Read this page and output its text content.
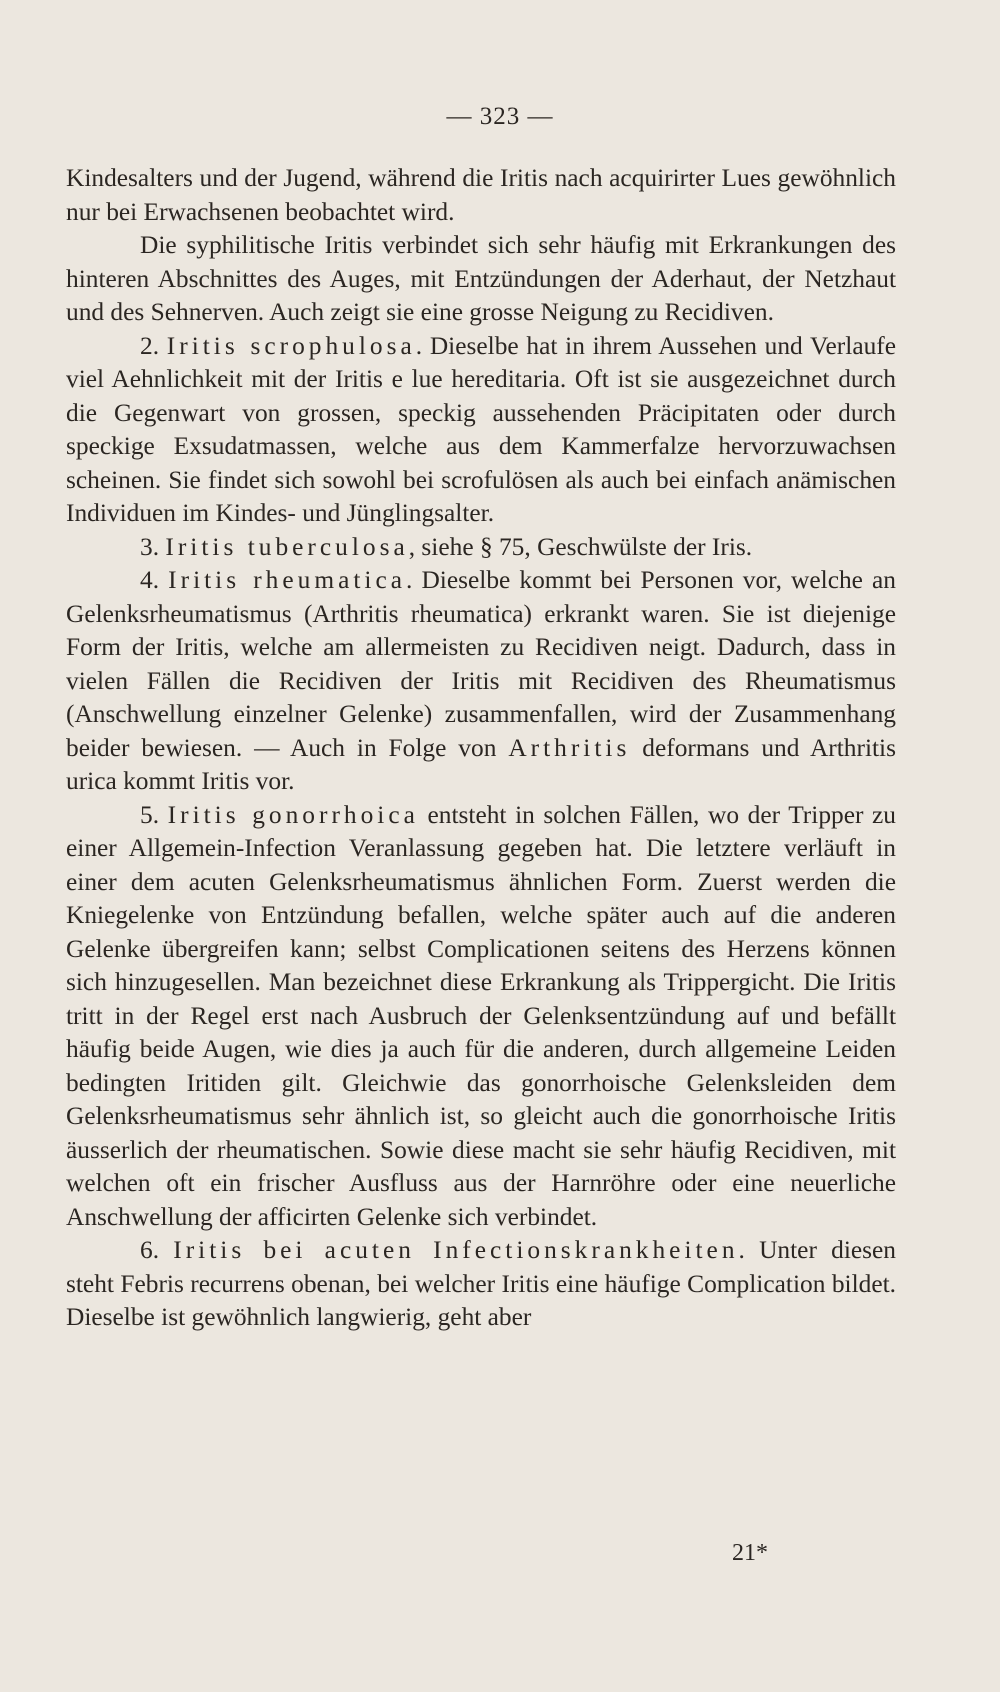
— 323 —

Kindesalters und der Jugend, während die Iritis nach acquirirter Lues gewöhnlich nur bei Erwachsenen beobachtet wird.

Die syphilitische Iritis verbindet sich sehr häufig mit Erkrankungen des hinteren Abschnittes des Auges, mit Entzündungen der Aderhaut, der Netzhaut und des Sehnerven. Auch zeigt sie eine grosse Neigung zu Recidiven.

2. Iritis scrophulosa. Dieselbe hat in ihrem Aussehen und Verlaufe viel Aehnlichkeit mit der Iritis e lue hereditaria. Oft ist sie ausgezeichnet durch die Gegenwart von grossen, speckig aussehenden Präcipitaten oder durch speckige Exsudatmassen, welche aus dem Kammerfalze hervorzuwachsen scheinen. Sie findet sich sowohl bei scrofulösen als auch bei einfach anämischen Individuen im Kindes- und Jünglingsalter.

3. Iritis tuberculosa, siehe § 75, Geschwülste der Iris.

4. Iritis rheumatica. Dieselbe kommt bei Personen vor, welche an Gelenksrheumatismus (Arthritis rheumatica) erkrankt waren. Sie ist diejenige Form der Iritis, welche am allermeisten zu Recidiven neigt. Dadurch, dass in vielen Fällen die Recidiven der Iritis mit Recidiven des Rheumatismus (Anschwellung einzelner Gelenke) zusammenfallen, wird der Zusammenhang beider bewiesen. — Auch in Folge von Arthritis deformans und Arthritis urica kommt Iritis vor.

5. Iritis gonorrhoica entsteht in solchen Fällen, wo der Tripper zu einer Allgemein-Infection Veranlassung gegeben hat. Die letztere verläuft in einer dem acuten Gelenksrheumatismus ähnlichen Form. Zuerst werden die Kniegelenke von Entzündung befallen, welche später auch auf die anderen Gelenke übergreifen kann; selbst Complicationen seitens des Herzens können sich hinzugesellen. Man bezeichnet diese Erkrankung als Trippergicht. Die Iritis tritt in der Regel erst nach Ausbruch der Gelenksentzündung auf und befällt häufig beide Augen, wie dies ja auch für die anderen, durch allgemeine Leiden bedingten Iritiden gilt. Gleichwie das gonorrhoische Gelenksleiden dem Gelenksrheumatismus sehr ähnlich ist, so gleicht auch die gonorrhoische Iritis äusserlich der rheumatischen. Sowie diese macht sie sehr häufig Recidiven, mit welchen oft ein frischer Ausfluss aus der Harnröhre oder eine neuerliche Anschwellung der afficirten Gelenke sich verbindet.

6. Iritis bei acuten Infectionskrankheiten. Unter diesen steht Febris recurrens obenan, bei welcher Iritis eine häufige Complication bildet. Dieselbe ist gewöhnlich langwierig, geht aber

21*
